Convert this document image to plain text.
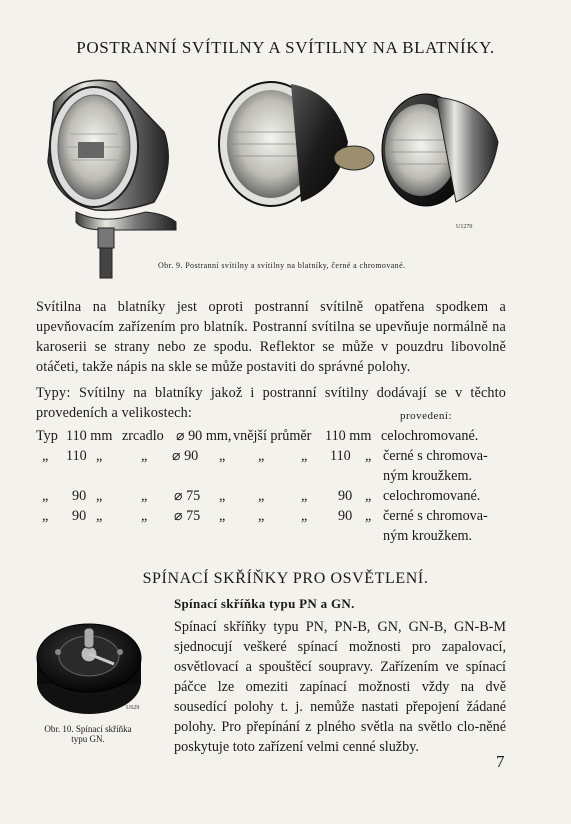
POSTRANNÍ SVÍTILNY A SVÍTILNY NA BLATNÍKY.
U1270
Obr. 9. Postranní svítilny a svítilny na blatníky, černé a chromované.
Svítilna na blatníky jest oproti postranní svítilně opatřena spodkem a upevňovacím zařízením pro blatník. Postranní svítilna se upevňuje normálně na karoserii se strany nebo ze spodu. Reflektor se může v pouzdru libovolně otáčeti, takže nápis na skle se může postaviti do správné polohy.
Typy: Svítilny na blatníky jakož i postranní svítilny dodávají se v těchto provedeních a velikostech:	provedení:
Typ 110 mm zrcadlo ⌀ 90 mm, vnější průměr 110 mm celochromované.
„ 110 „	„ ⌀ 90 „ „	„ 110 „ černé s chromova-
ným kroužkem.
„ 90 „	„ ⌀ 75 „ „	„ 90 „ celochromované.
„ 90 „	„ ⌀ 75 „ „	„ 90 „ černé s chromova-
ným kroužkem.
SPÍNACÍ SKŘÍŇKY PRO OSVĚTLENÍ.
Spínací skříňka typu PN a GN.
U629
Obr. 10. Spínací skříňka
typu GN.
Spínací skříňky typu PN, PN-B, GN, GN-B, GN-B-M sjednocují veškeré spínací možnosti pro zapalovací, osvětlovací a spouštěcí soupravy. Zařízením ve spínací páčce lze omeziti zapínací možnosti vždy na dvě sousedící polohy t. j. nemůže nastati přepojení žádané polohy. Pro přepínání z plného světla na světlo clo-něné poskytuje toto zařízení velmi cenné služby.
7
